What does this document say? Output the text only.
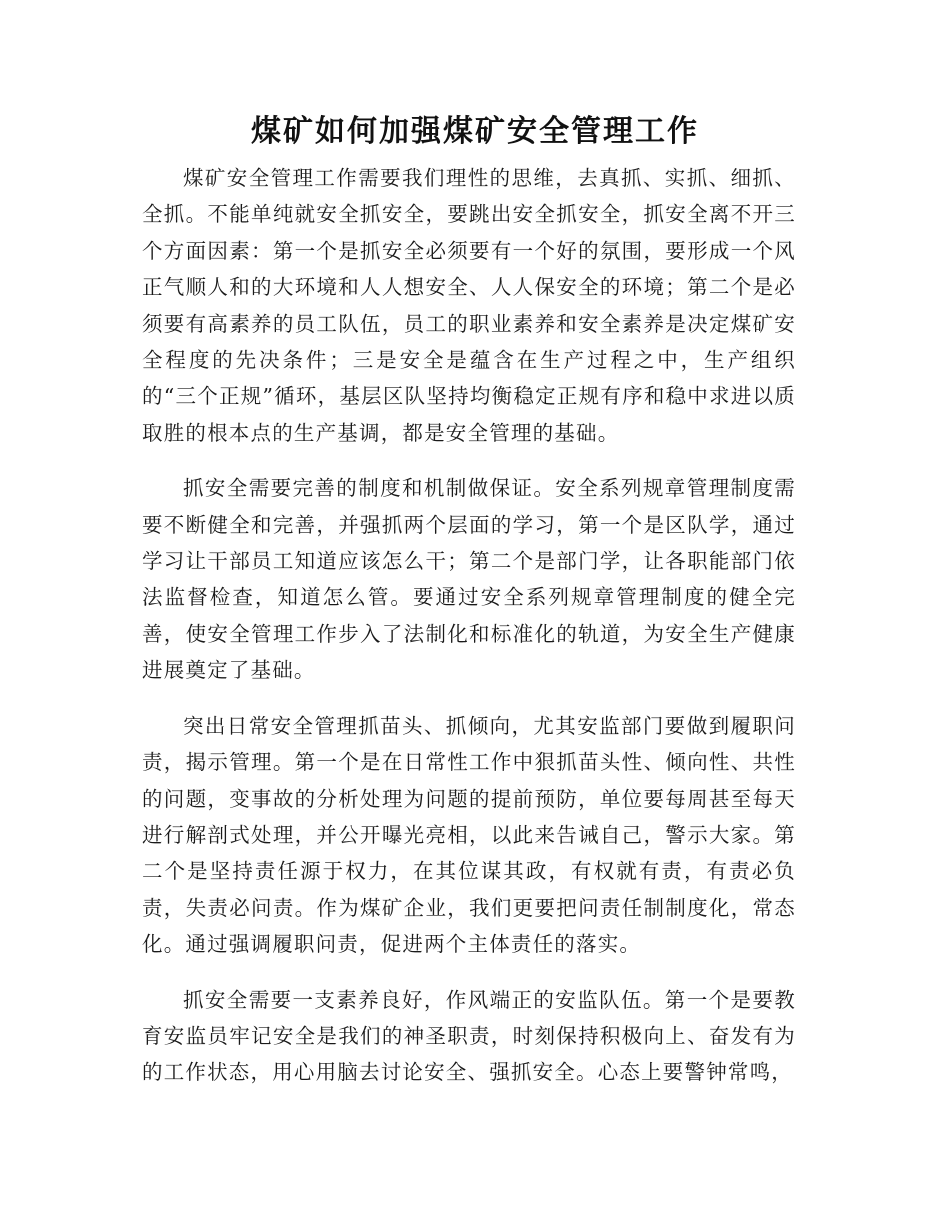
煤矿如何加强煤矿安全管理工作

煤矿安全管理工作需要我们理性的思维，去真抓、实抓、细抓、全抓。不能单纯就安全抓安全，要跳出安全抓安全，抓安全离不开三个方面因素：第一个是抓安全必须要有一个好的氛围，要形成一个风正气顺人和的大环境和人人想安全、人人保安全的环境；第二个是必须要有高素养的员工队伍，员工的职业素养和安全素养是决定煤矿安全程度的先决条件；三是安全是蕴含在生产过程之中，生产组织的“三个正规”循环，基层区队坚持均衡稳定正规有序和稳中求进以质取胜的根本点的生产基调，都是安全管理的基础。

抓安全需要完善的制度和机制做保证。安全系列规章管理制度需要不断健全和完善，并强抓两个层面的学习，第一个是区队学，通过学习让干部员工知道应该怎么干；第二个是部门学，让各职能部门依法监督检查，知道怎么管。要通过安全系列规章管理制度的健全完善，使安全管理工作步入了法制化和标准化的轨道，为安全生产健康进展奠定了基础。

突出日常安全管理抓苗头、抓倾向，尤其安监部门要做到履职问责，揭示管理。第一个是在日常性工作中狠抓苗头性、倾向性、共性的问题，变事故的分析处理为问题的提前预防，单位要每周甚至每天进行解剖式处理，并公开曝光亮相，以此来告诫自己，警示大家。第二个是坚持责任源于权力，在其位谋其政，有权就有责，有责必负责，失责必问责。作为煤矿企业，我们更要把问责任制制度化，常态化。通过强调履职问责，促进两个主体责任的落实。

抓安全需要一支素养良好，作风端正的安监队伍。第一个是要教育安监员牢记安全是我们的神圣职责，时刻保持积极向上、奋发有为的工作状态，用心用脑去讨论安全、强抓安全。心态上要警钟常鸣，
